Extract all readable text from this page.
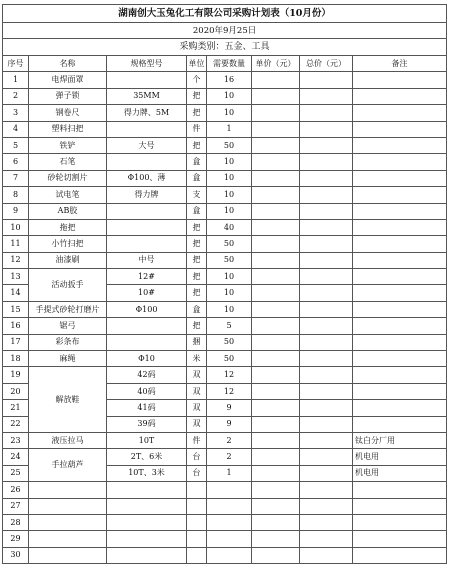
湖南创大玉兔化工有限公司采购计划表（10月份）							
2020年9月25日							
采购类别：五金、工具							
序号	名称	规格型号	单位	需要数量	单价（元）	总价（元）	备注
1	电焊面罩		个	16			
2	弹子锁	35MM	把	10			
3	钢卷尺	得力牌、5M	把	10			
4	塑料扫把		件	1			
5	铁铲	大号	把	50			
6	石笔		盒	10			
7	砂轮切割片	Φ100、薄	盒	10			
8	试电笔	得力牌	支	10			
9	AB胶		盒	10			
10	拖把		把	40			
11	小竹扫把		把	50			
12	油漆刷	中号	把	50			
13	活动扳手	12#	把	10			
14		10#	把	10			
15	手提式砂轮打磨片	Φ100	盒	10			
16	锯弓		把	5			
17	彩条布		捆	50			
18	麻绳	Φ10	米	50			
19	解放鞋	42码	双	12			
20		40码	双	12			
21		41码	双	9			
22		39码	双	9			
23	液压拉马	10T	件	2			钛白分厂用
24	手拉葫芦	2T、6米	台	2			机电用
25		10T、3米	台	1			机电用
26							
27							
28							
29							
30							
